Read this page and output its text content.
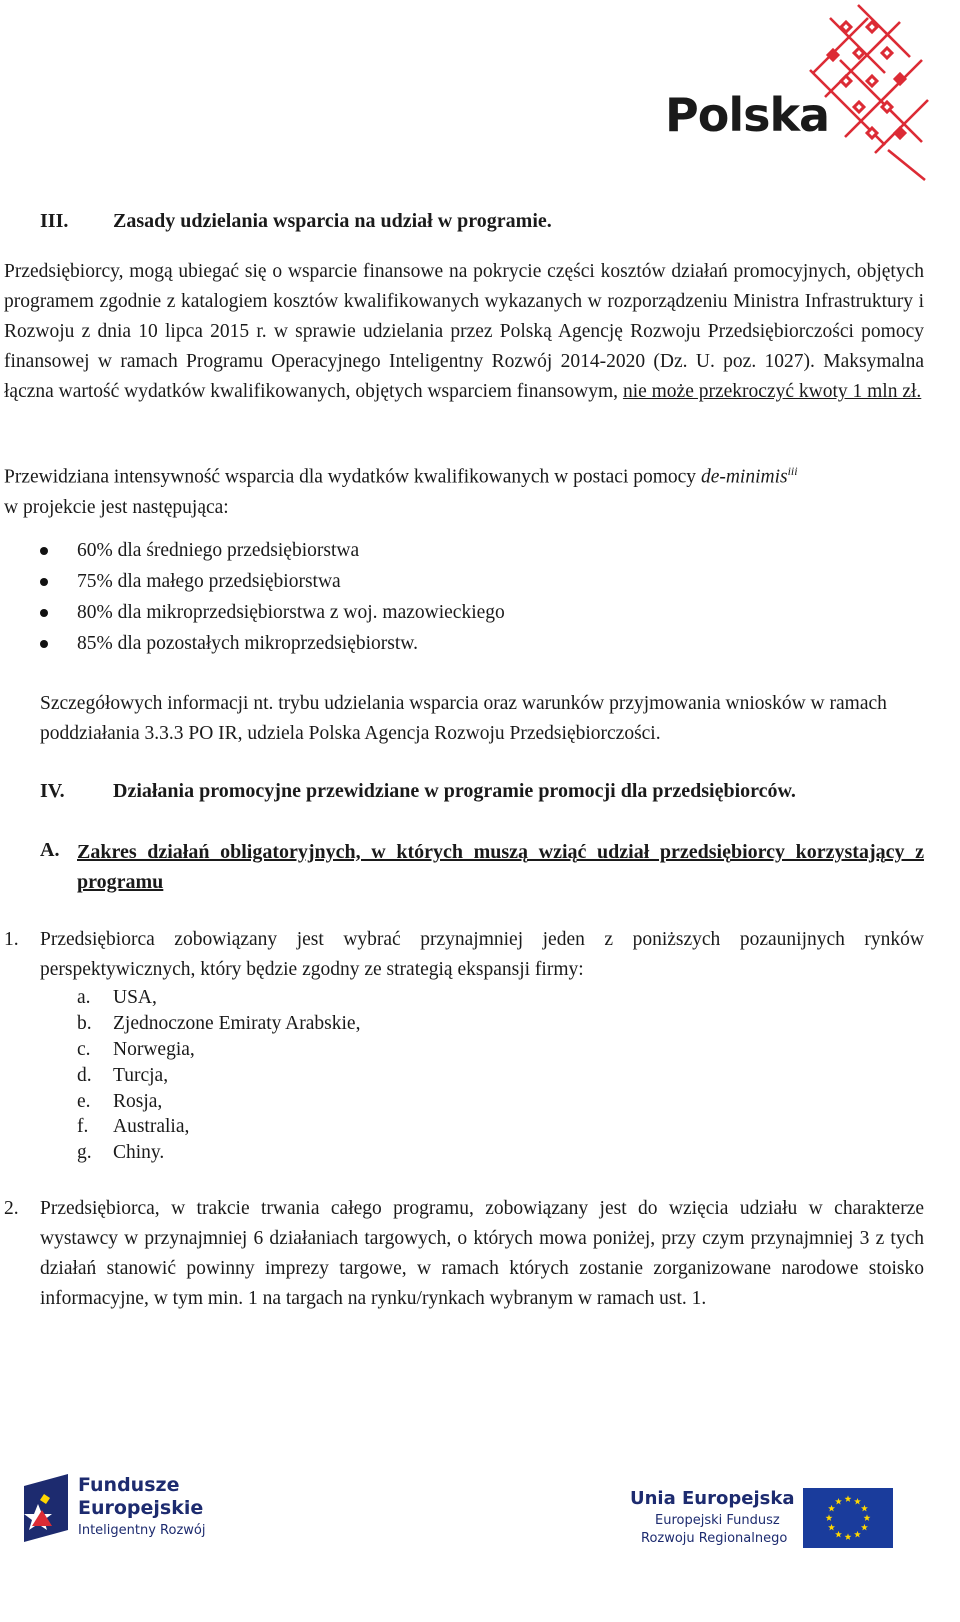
Polska
III. Zasady udzielania wsparcia na udział w programie.
Przedsiębiorcy, mogą ubiegać się o wsparcie finansowe na pokrycie części kosztów działań promocyjnych, objętych programem zgodnie z katalogiem kosztów kwalifikowanych wykazanych w rozporządzeniu Ministra Infrastruktury i Rozwoju z dnia 10 lipca 2015 r. w sprawie udzielania przez Polską Agencję Rozwoju Przedsiębiorczości pomocy finansowej w ramach Programu Operacyjnego Inteligentny Rozwój 2014-2020 (Dz. U. poz. 1027). Maksymalna łączna wartość wydatków kwalifikowanych, objętych wsparciem finansowym, nie może przekroczyć kwoty 1 mln zł.
Przewidziana intensywność wsparcia dla wydatków kwalifikowanych w postaci pomocy de-minimis$^{iii}$
w projekcie jest następująca:
60% dla średniego przedsiębiorstwa
75% dla małego przedsiębiorstwa
80% dla mikroprzedsiębiorstwa z woj. mazowieckiego
85% dla pozostałych mikroprzedsiębiorstw.
Szczegółowych informacji nt. trybu udzielania wsparcia oraz warunków przyjmowania wniosków w ramach poddziałania 3.3.3 PO IR, udziela Polska Agencja Rozwoju Przedsiębiorczości.
IV. Działania promocyjne przewidziane w programie promocji dla przedsiębiorców.
A. Zakres działań obligatoryjnych, w których muszą wziąć udział przedsiębiorcy korzystający z programu
1. Przedsiębiorca zobowiązany jest wybrać przynajmniej jeden z poniższych pozaunijnych rynków perspektywicznych, który będzie zgodny ze strategią ekspansji firmy:
a. USA,
b. Zjednoczone Emiraty Arabskie,
c. Norwegia,
d. Turcja,
e. Rosja,
f. Australia,
g. Chiny.
2. Przedsiębiorca, w trakcie trwania całego programu, zobowiązany jest do wzięcia udziału w charakterze wystawcy w przynajmniej 6 działaniach targowych, o których mowa poniżej, przy czym przynajmniej 3 z tych działań stanowić powinny imprezy targowe, w ramach których zostanie zorganizowane narodowe stoisko informacyjne, w tym min. 1 na targach na rynku/rynkach wybranym w ramach ust. 1.
Fundusze
Europejskie
Inteligentny Rozwój
Unia Europejska
Europejski Fundusz
Rozwoju Regionalnego
